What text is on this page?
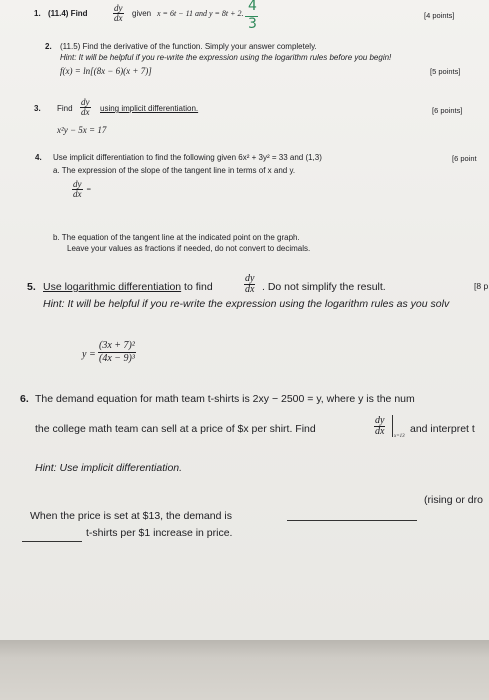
1. (11.4) Find	$\frac{dy}{dx}$ given x = 6t − 11 and y = 8t + 2. 4
3
[4 points]
2. (11.5) Find the derivative of the function. Simply your answer completely.
Hint: It will be helpful if you re-write the expression using the logarithm rules before you begin!
f(x) = ln[(8x − 6)(x + 7)]	[5 points]
3. Find $\frac{dy}{dx}$ using implicit differentiation.
x²y − 5x = 17
[6 points]
4. Use implicit differentiation to find the following given 6x² + 3y² = 33 and (1,3)	[6 point
a. The expression of the slope of the tangent line in terms of x and y.
$\frac{dy}{dx}$ =
b. The equation of the tangent line at the indicated point on the graph.
Leave your values as fractions if needed, do not convert to decimals.
5. Use logarithmic differentiation to find	$\frac{dy}{dx}$ . Do not simplify the result.	[8 p
Hint: It will be helpful if you re-write the expression using the logarithm rules as you solv
$y = \frac{\text{(3x + 7)²}}{\text{(4x − 9)³}}$
6. The demand equation for math team t-shirts is 2xy − 2500 = y, where y is the num
the college math team can sell at a price of $x per shirt. Find	$\frac{dy}{dx} x=13$
and interpret t
Hint: Use implicit differentiation.
When the price is set at $13, the demand is
(rising or dro
t-shirts per $1 increase in price.
